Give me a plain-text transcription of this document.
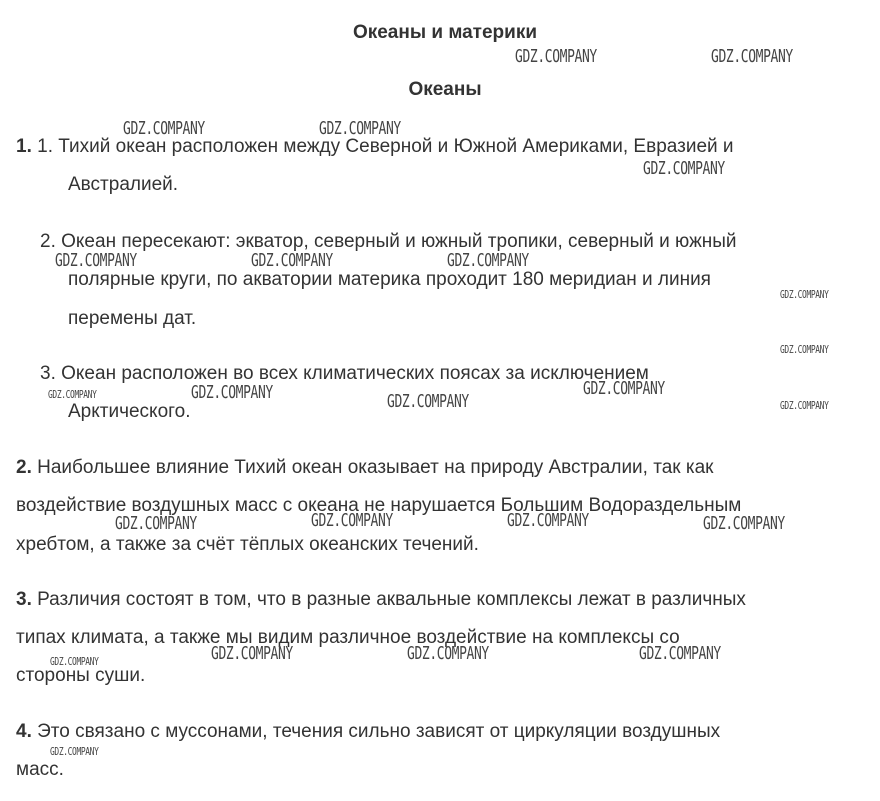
Океаны и материки
Океаны
1. 1. Тихий океан расположен между Северной и Южной Америками, Евразией и
Австралией.
2. Океан пересекают: экватор, северный и южный тропики, северный и южный
полярные круги, по акватории материка проходит 180 меридиан и линия
перемены дат.
3. Океан расположен во всех климатических поясах за исключением
Арктического.
2. Наибольшее влияние Тихий океан оказывает на природу Австралии, так как
воздействие воздушных масс с океана не нарушается Большим Водораздельным
хребтом, а также за счёт тёплых океанских течений.
3. Различия состоят в том, что в разные аквальные комплексы лежат в различных
типах климата, а также мы видим различное воздействие на комплексы со
стороны суши.
4. Это связано с муссонами, течения сильно зависят от циркуляции воздушных
масс.
GDZ.COMPANY	GDZ.COMPANY
GDZ.COMPANY	GDZ.COMPANY
GDZ.COMPANY
GDZ.COMPANY	GDZ.COMPANY	GDZ.COMPANY
GDZ.COMPANY
GDZ.COMPANY
GDZ.COMPANY
GDZ.COMPANY	GDZ.COMPANY	GDZ.COMPANY	GDZ.COMPANY
GDZ.COMPANY	GDZ.COMPANY	GDZ.COMPANY	GDZ.COMPANY
GDZ.COMPANY	GDZ.COMPANY	GDZ.COMPANY
GDZ.COMPANY
GDZ.COMPANY
